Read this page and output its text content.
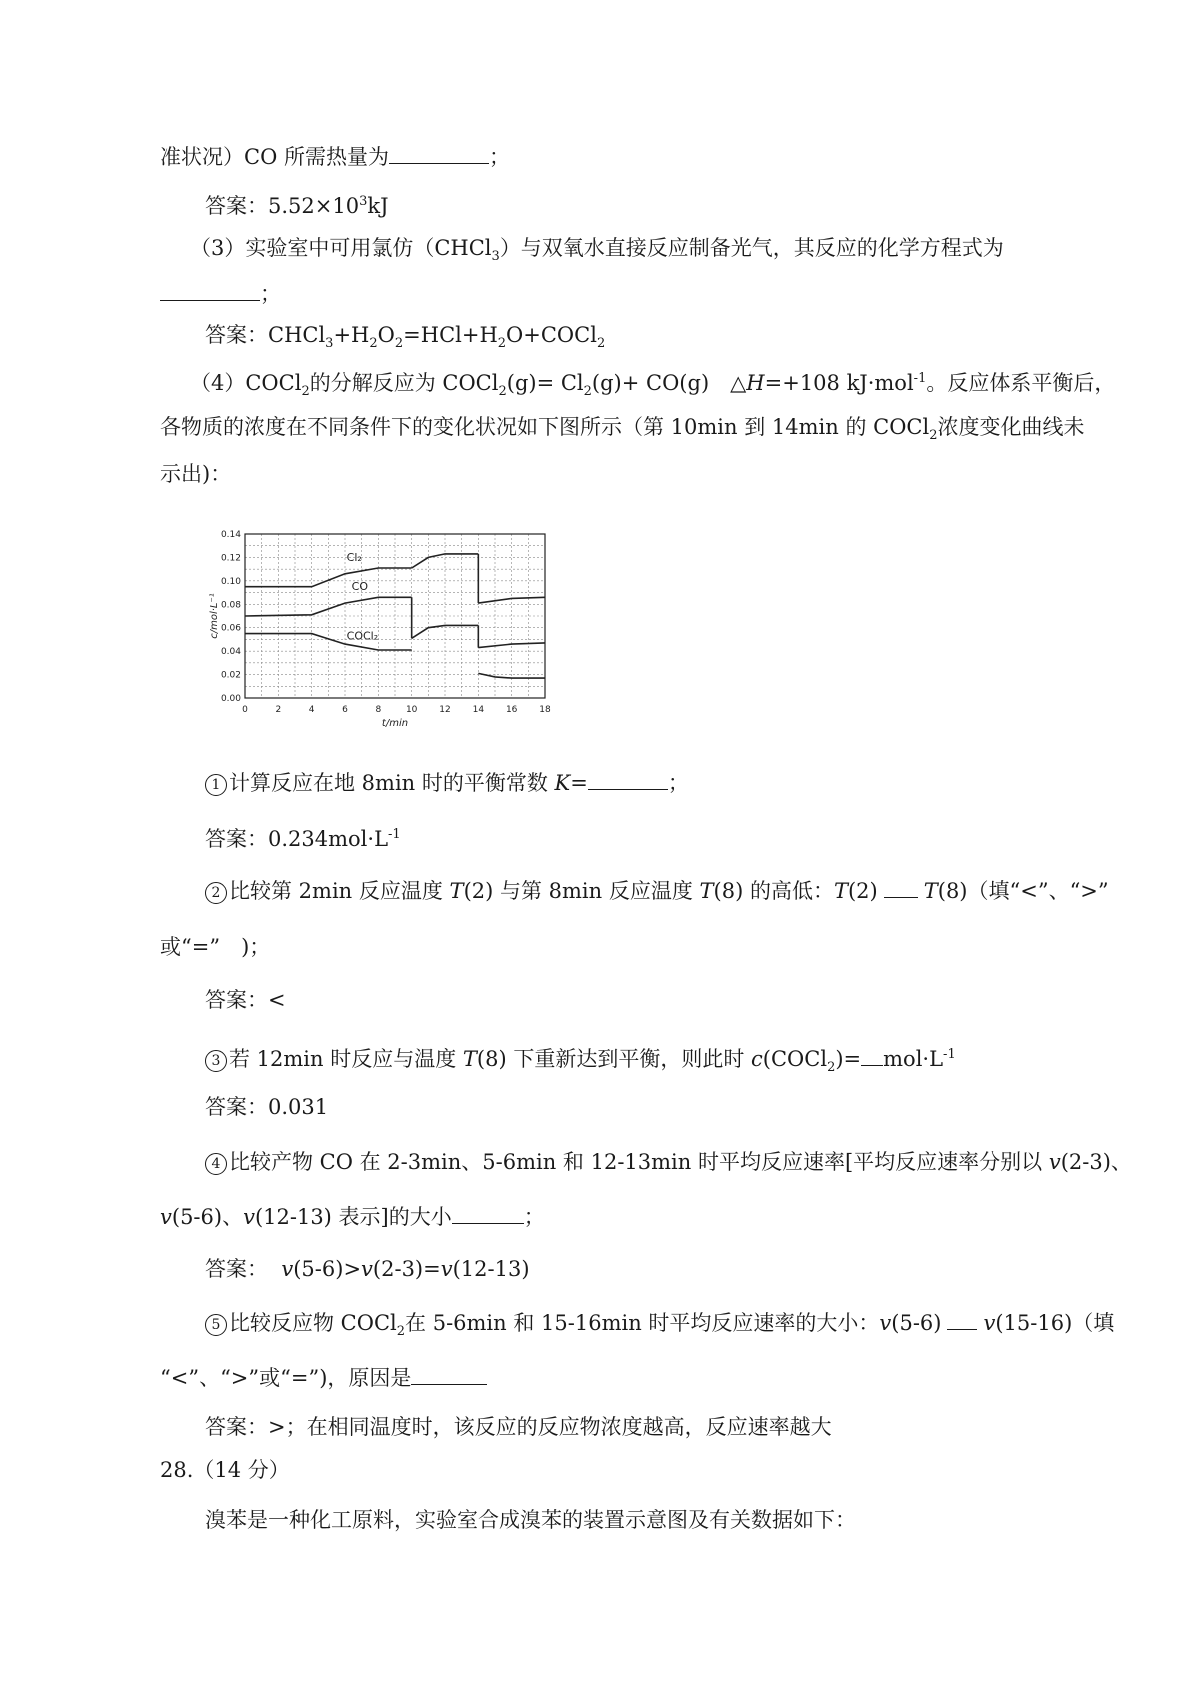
准状况）CO 所需热量为	；
答案：$5.52\times 10^3kJ$
（3）实验室中可用氯仿（CHCl$_3$）与双氧水直接反应制备光气，其反应的化学方程式为
；
答案：$CHCl_3+H_2O_2=HCl+H_2O+COCl_2$
（4）COCl$_2$的分解反应为 COCl$_2$(g)= $Cl_2(g)+ CO(g)$　△H=+108 kJ·mol$^{-1}$。反应体系平衡后，
各物质的浓度在不同条件下的变化状况如下图所示（第 10min 到 14min 的 COCl$_2$浓度变化曲线未
示出)：
0	2	4	6	8	10 12 14 16 18
0.00
0.02
0.04
0.06
0.08
0.10
0.12
0.14
c/mol·L⁻¹
t/min
Cl₂
CO
COCl₂
1 计算反应在地 8min 时的平衡常数 K=	；
答案：$0.234mol\cdot L^{-1}$
2 比较第 2min 反应温度 T(2) 与第 8min 反应温度 T(8) 的高低：T(2) T(8)（填“<”、“>”
或“=”　)；
答案：<
3 若 12min 时反应与温度 T(8) 下重新达到平衡，则此时 c(COCl$_2$)= $mol\cdot L^{-1}$
答案：0.031
4 比较产物 CO 在 2-3min、5-6min 和 12-13min 时平均反应速率[平均反应速率分别以 v(2-3)、
v(5-6)、v(12-13) 表示]的大小	；
答案： v(5-6)>v(2-3)=v(12-13)
5 比较反应物 COCl$_2$在 5-6min 和 15-16min 时平均反应速率的大小：v(5-6) v(15-16)（填
“<”、“>”或“=”)，原因是
答案：>；在相同温度时，该反应的反应物浓度越高，反应速率越大
28.（14 分）
溴苯是一种化工原料，实验室合成溴苯的装置示意图及有关数据如下：
